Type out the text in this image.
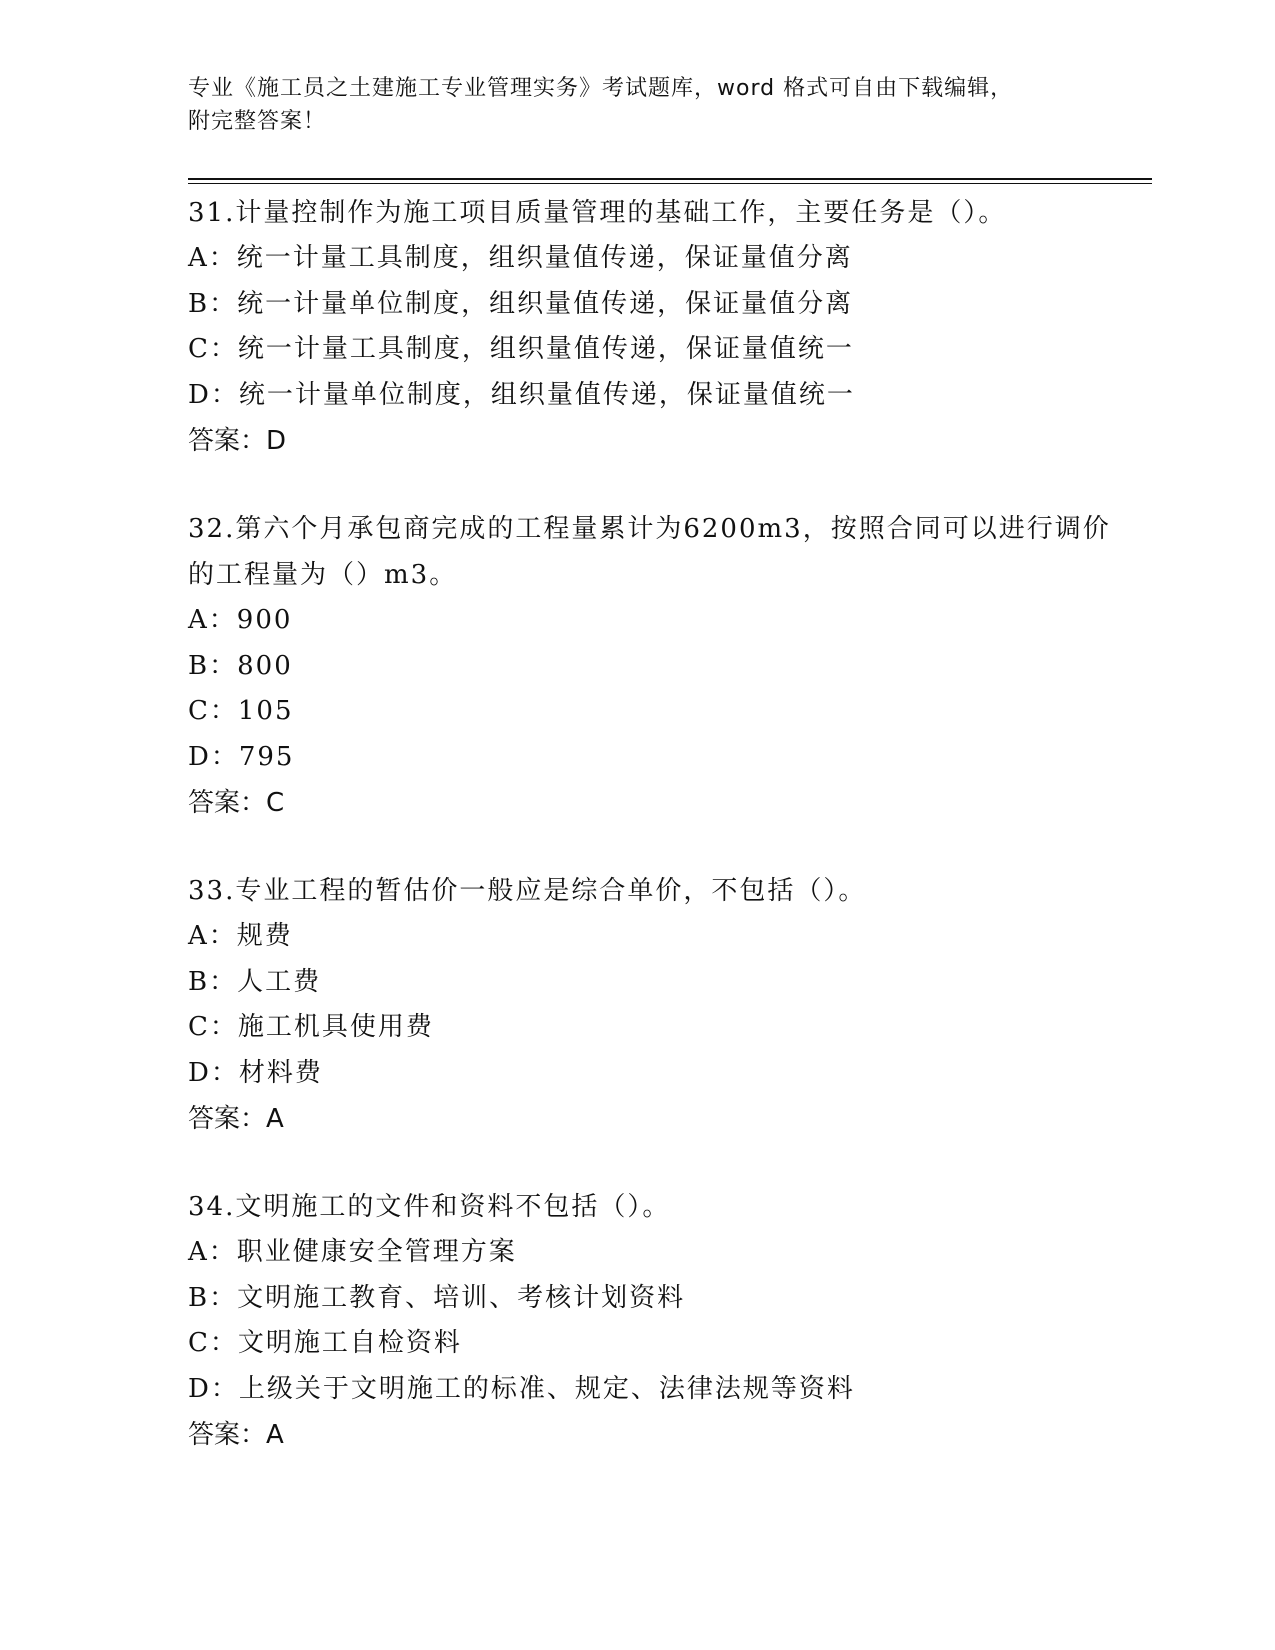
专业《施工员之土建施工专业管理实务》考试题库，word 格式可自由下载编辑，
附完整答案！

31.计量控制作为施工项目质量管理的基础工作，主要任务是（）。

A：统一计量工具制度，组织量值传递，保证量值分离

B：统一计量单位制度，组织量值传递，保证量值分离

C：统一计量工具制度，组织量值传递，保证量值统一

D：统一计量单位制度，组织量值传递，保证量值统一

答案：D

32.第六个月承包商完成的工程量累计为6200m3，按照合同可以进行调价的工程量为（）m3。

A：900

B：800

C：105

D：795

答案：C

33.专业工程的暂估价一般应是综合单价，不包括（）。

A：规费

B：人工费

C：施工机具使用费

D：材料费

答案：A

34.文明施工的文件和资料不包括（）。

A：职业健康安全管理方案

B：文明施工教育、培训、考核计划资料

C：文明施工自检资料

D：上级关于文明施工的标准、规定、法律法规等资料

答案：A
